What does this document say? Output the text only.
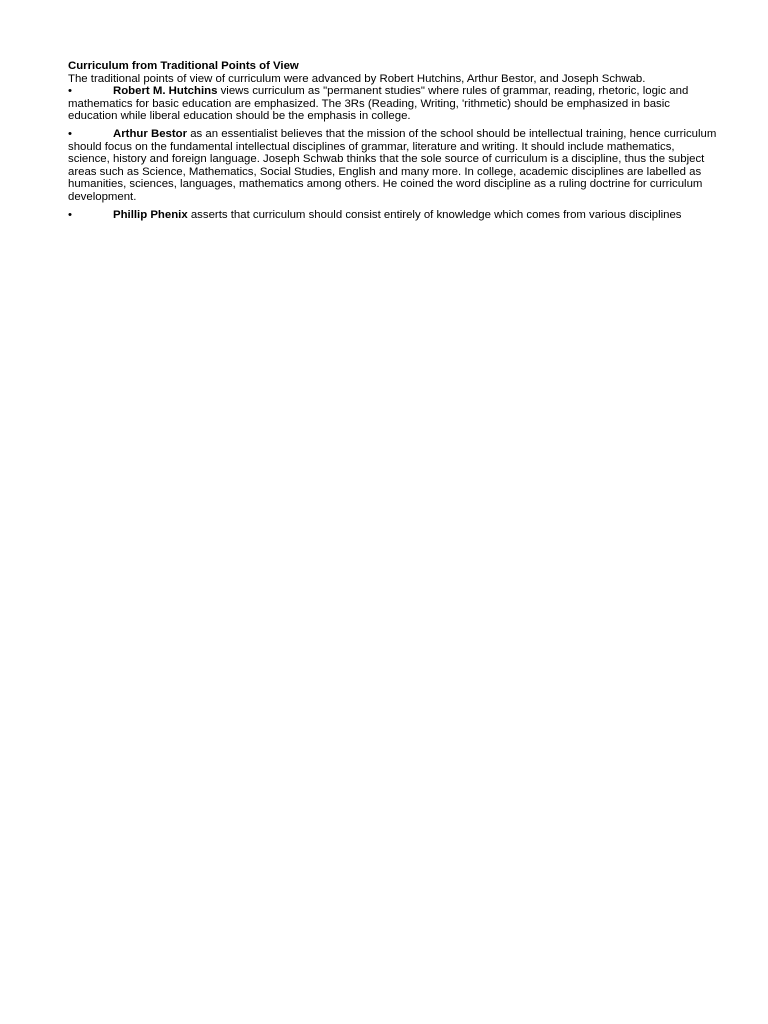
Curriculum from Traditional Points of View

The traditional points of view of curriculum were advanced by Robert Hutchins, Arthur Bestor, and Joseph Schwab.

•	Robert M. Hutchins views curriculum as "permanent studies" where rules of grammar, reading, rhetoric, logic and mathematics for basic education are emphasized. The 3Rs (Reading, Writing, 'rithmetic) should be emphasized in basic education while liberal education should be the emphasis in college.

•	Arthur Bestor as an essentialist believes that the mission of the school should be intellectual training, hence curriculum should focus on the fundamental intellectual disciplines of grammar, literature and writing. It should include mathematics, science, history and foreign language. Joseph Schwab thinks that the sole source of curriculum is a discipline, thus the subject areas such as Science, Mathematics, Social Studies, English and many more. In college, academic disciplines are labelled as humanities, sciences, languages, mathematics among others. He coined the word discipline as a ruling doctrine for curriculum development.

•	Phillip Phenix asserts that curriculum should consist entirely of knowledge which comes from various disciplines
